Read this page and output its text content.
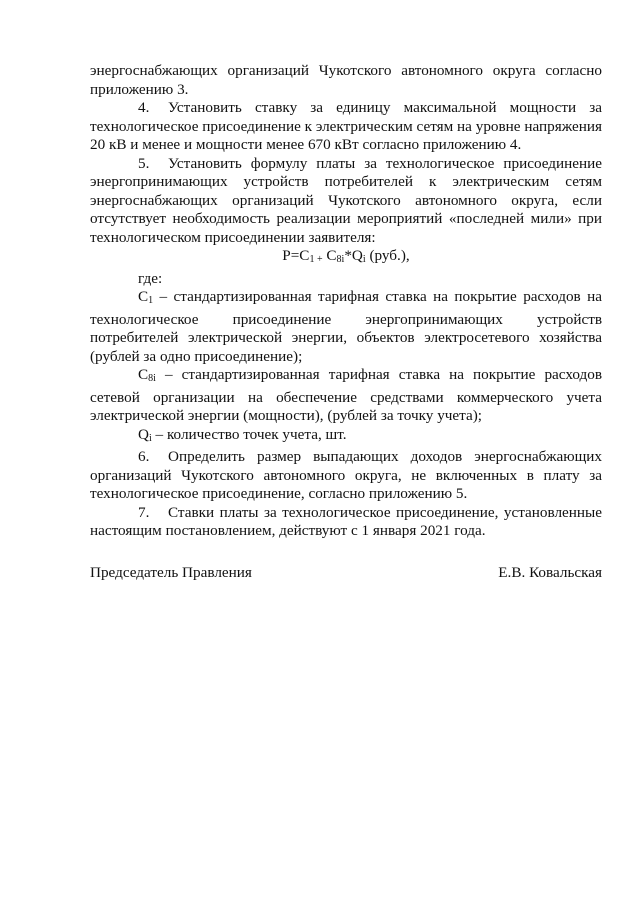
энергоснабжающих организаций Чукотского автономного округа согласно приложению 3.

4. Установить ставку за единицу максимальной мощности за технологическое присоединение к электрическим сетям на уровне напряжения 20 кВ и менее и мощности менее 670 кВт согласно приложению 4.

5. Установить формулу платы за технологическое присоединение энергопринимающих устройств потребителей к электрическим сетям энергоснабжающих организаций Чукотского автономного округа, если отсутствует необходимость реализации мероприятий «последней мили» при технологическом присоединении заявителя:

$P=C_{1 +}$ $C_{8i}*Q_i$ (руб.),

где:

$C_1$ – стандартизированная тарифная ставка на покрытие расходов на технологическое присоединение энергопринимающих устройств потребителей электрической энергии, объектов электросетевого хозяйства (рублей за одно присоединение);

$C_{8i}$ – стандартизированная тарифная ставка на покрытие расходов сетевой организации на обеспечение средствами коммерческого учета электрической энергии (мощности), (рублей за точку учета);

$Q_i$ – количество точек учета, шт.

6. Определить размер выпадающих доходов энергоснабжающих организаций Чукотского автономного округа, не включенных в плату за технологическое присоединение, согласно приложению 5.

7. Ставки платы за технологическое присоединение, установленные настоящим постановлением, действуют с 1 января 2021 года.

Председатель Правления	Е.В. Ковальская
